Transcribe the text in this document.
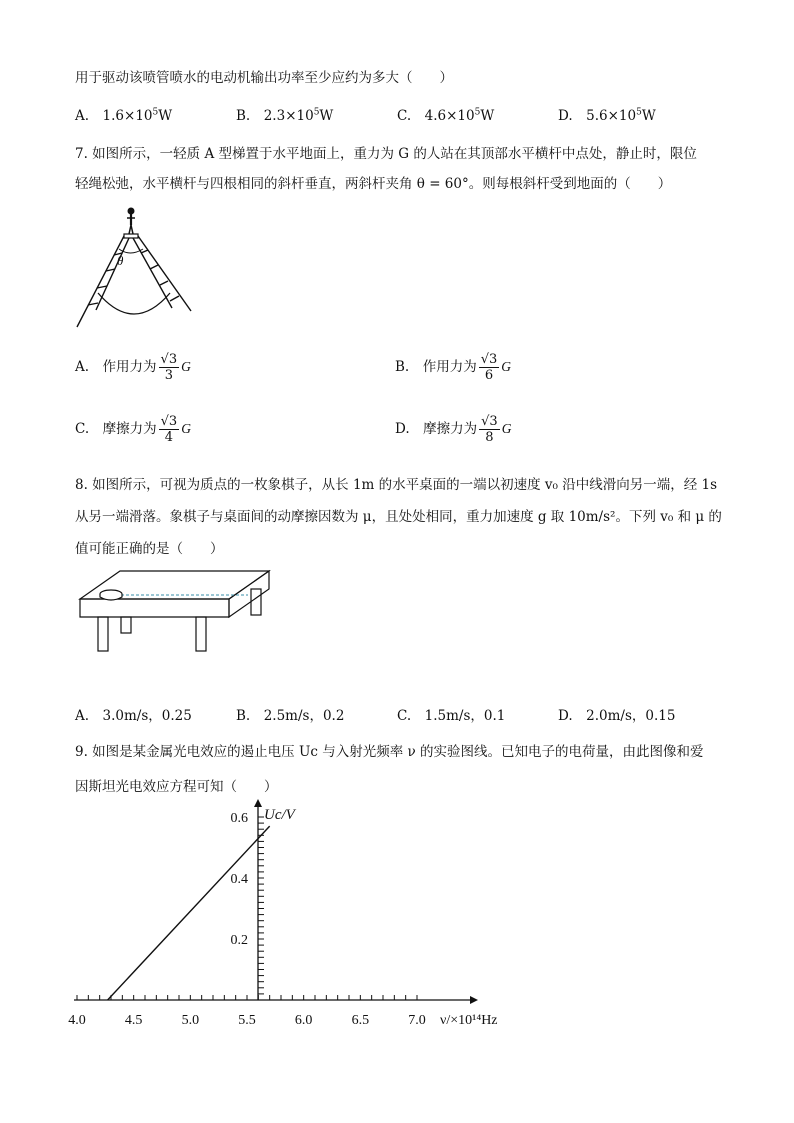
用于驱动该喷管喷水的电动机输出功率至少应约为多大（　　）
A.　$1.6\times 10^5W$	B.　$2.3\times 10^5W$	C.　$4.6\times 10^5W$	D.　$5.6\times 10^5W$
7. 如图所示，一轻质 A 型梯置于水平地面上，重力为 G 的人站在其顶部水平横杆中点处，静止时，限位
轻绳松弛，水平横杆与四根相同的斜杆垂直，两斜杆夹角 θ = 60°。则每根斜杆受到地面的（　　）
θ
A.　作用力为 $\frac{√3}{3}$ G	B.　作用力为 $\frac{√3}{6}$ G
C.　摩擦力为 $\frac{√3}{4}$ G	D.　摩擦力为 $\frac{√3}{8}$ G
8. 如图所示，可视为质点的一枚象棋子，从长 1m 的水平桌面的一端以初速度 v₀ 沿中线滑向另一端，经 1s
从另一端滑落。象棋子与桌面间的动摩擦因数为 μ，且处处相同，重力加速度 g 取 10m/s²。下列 v₀ 和 μ 的
值可能正确的是（　　）
A.　3.0m/s，0.25	B.　2.5m/s，0.2	C.　1.5m/s，0.1	D.　2.0m/s，0.15
9. 如图是某金属光电效应的遏止电压 Uc 与入射光频率 ν 的实验图线。已知电子的电荷量，由此图像和爱
因斯坦光电效应方程可知（　　）
4.0	4.5	5.0	5.5	6.0	6.5	7.0
0.2
0.4
0.6
ν/×10¹⁴Hz
Uc/V
